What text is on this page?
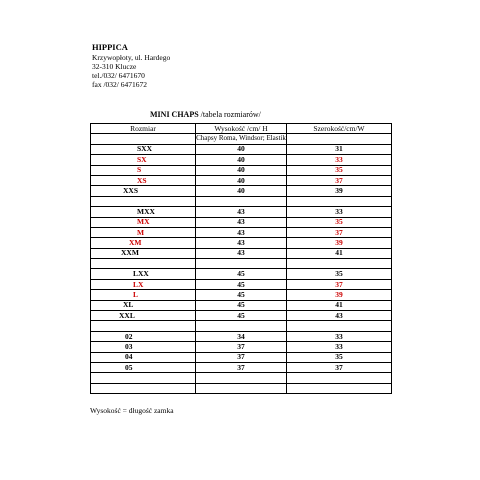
HIPPICA
Krzywopłoty, ul. Hardego
32-310 Klucze
tel./032/ 6471670
fax /032/ 6471672
MINI CHAPS /tabela rozmiarów/
Rozmiar	Wysokość /cm/ H	Szerokość/cm/W
	Chapsy Roma, Windsor; Elastik	
SXX	40	31
SX	40	33
S	40	35
XS	40	37
XXS	40	39

MXX	43	33
MX	43	35
M	43	37
XM	43	39
XXM	43	41

LXX	45	35
LX	45	37
L	45	39
XL	45	41
XXL	45	43

02	34	33
03	37	33
04	37	35
05	37	37

Wysokość = długość zamka
